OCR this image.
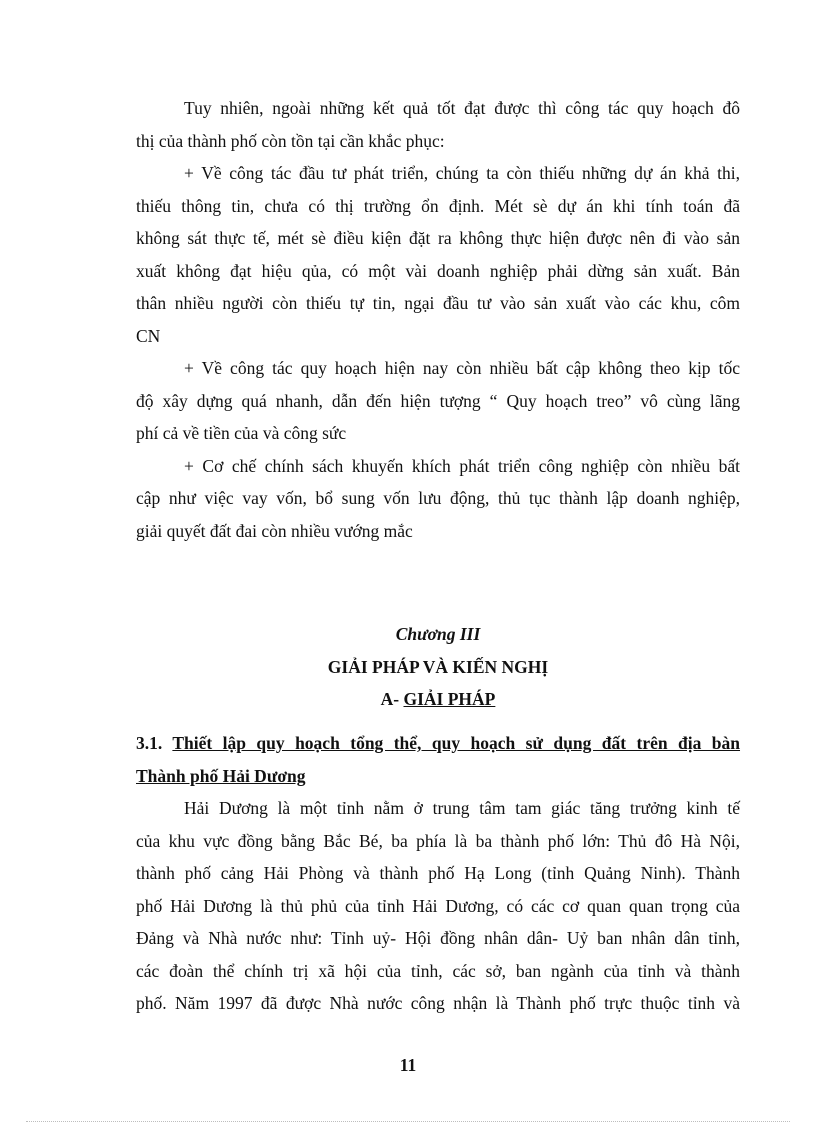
Tuy nhiên, ngoài những kết quả tốt đạt được thì công tác quy hoạch đô
thị của thành phố còn tồn tại cần khắc phục:
+ Về công tác đầu tư phát triển, chúng ta còn thiếu những dự án khả thi,
thiếu thông tin, chưa có thị trường ổn định. Mét sè dự án khi tính toán đã
không sát thực tế, mét sè điều kiện đặt ra không thực hiện được nên đi vào sản
xuất không đạt hiệu qủa, có một vài doanh nghiệp phải dừng sản xuất. Bản
thân nhiều người còn thiếu tự tin, ngại đầu tư vào sản xuất vào các khu, côm
CN
+ Về công tác quy hoạch hiện nay còn nhiều bất cập không theo kịp tốc
độ xây dựng quá nhanh, dẫn đến hiện tượng “ Quy hoạch treo” vô cùng lãng
phí cả về tiền của và công sức
+ Cơ chế chính sách khuyến khích phát triển công nghiệp còn nhiều bất
cập như việc vay vốn, bổ sung vốn lưu động, thủ tục thành lập doanh nghiệp,
giải quyết đất đai còn nhiều vướng mắc
Chương III
GIẢI PHÁP VÀ KIẾN NGHỊ
A- GIẢI PHÁP
3.1. Thiết lập quy hoạch tổng thể, quy hoạch sử dụng đất trên địa bàn
Thành phố Hải Dương
Hải Dương là một tỉnh nằm ở trung tâm tam giác tăng trưởng kinh tế
của khu vực đồng bằng Bắc Bé, ba phía là ba thành phố lớn: Thủ đô Hà Nội,
thành phố cảng Hải Phòng và thành phố Hạ Long (tỉnh Quảng Ninh). Thành
phố Hải Dương là thủ phủ của tỉnh Hải Dương, có các cơ quan quan trọng của
Đảng và Nhà nước như: Tỉnh uỷ- Hội đồng nhân dân- Uỷ ban nhân dân tỉnh,
các đoàn thể chính trị xã hội của tỉnh, các sở, ban ngành của tỉnh và thành
phố. Năm 1997 đã được Nhà nước công nhận là Thành phố trực thuộc tỉnh và
11
